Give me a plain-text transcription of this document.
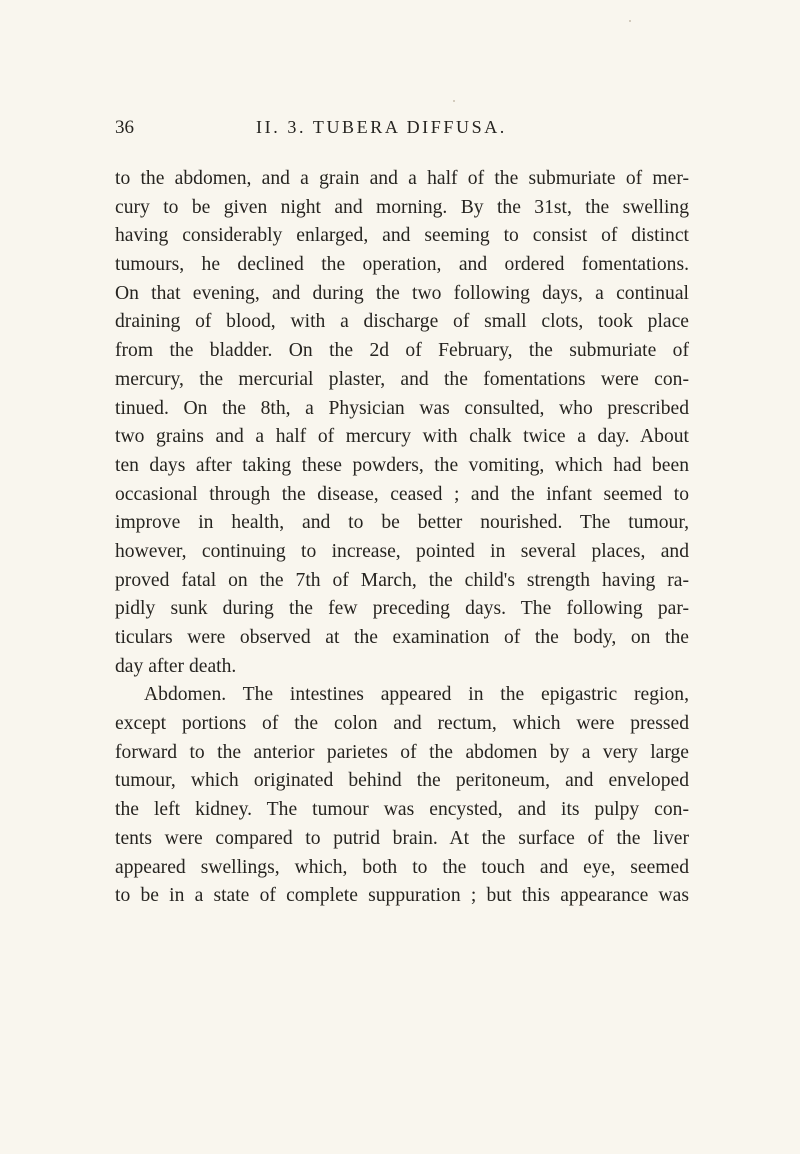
36	II. 3. TUBERA DIFFUSA.
to the abdomen, and a grain and a half of the submuriate of mer-
cury to be given night and morning. By the 31st, the swelling
having considerably enlarged, and seeming to consist of distinct
tumours, he declined the operation, and ordered fomentations.
On that evening, and during the two following days, a continual
draining of blood, with a discharge of small clots, took place
from the bladder. On the 2d of February, the submuriate of
mercury, the mercurial plaster, and the fomentations were con-
tinued. On the 8th, a Physician was consulted, who prescribed
two grains and a half of mercury with chalk twice a day. About
ten days after taking these powders, the vomiting, which had been
occasional through the disease, ceased ; and the infant seemed to
improve in health, and to be better nourished. The tumour,
however, continuing to increase, pointed in several places, and
proved fatal on the 7th of March, the child's strength having ra-
pidly sunk during the few preceding days. The following par-
ticulars were observed at the examination of the body, on the
day after death.
Abdomen. The intestines appeared in the epigastric region,
except portions of the colon and rectum, which were pressed
forward to the anterior parietes of the abdomen by a very large
tumour, which originated behind the peritoneum, and enveloped
the left kidney. The tumour was encysted, and its pulpy con-
tents were compared to putrid brain. At the surface of the liver
appeared swellings, which, both to the touch and eye, seemed
to be in a state of complete suppuration ; but this appearance was
